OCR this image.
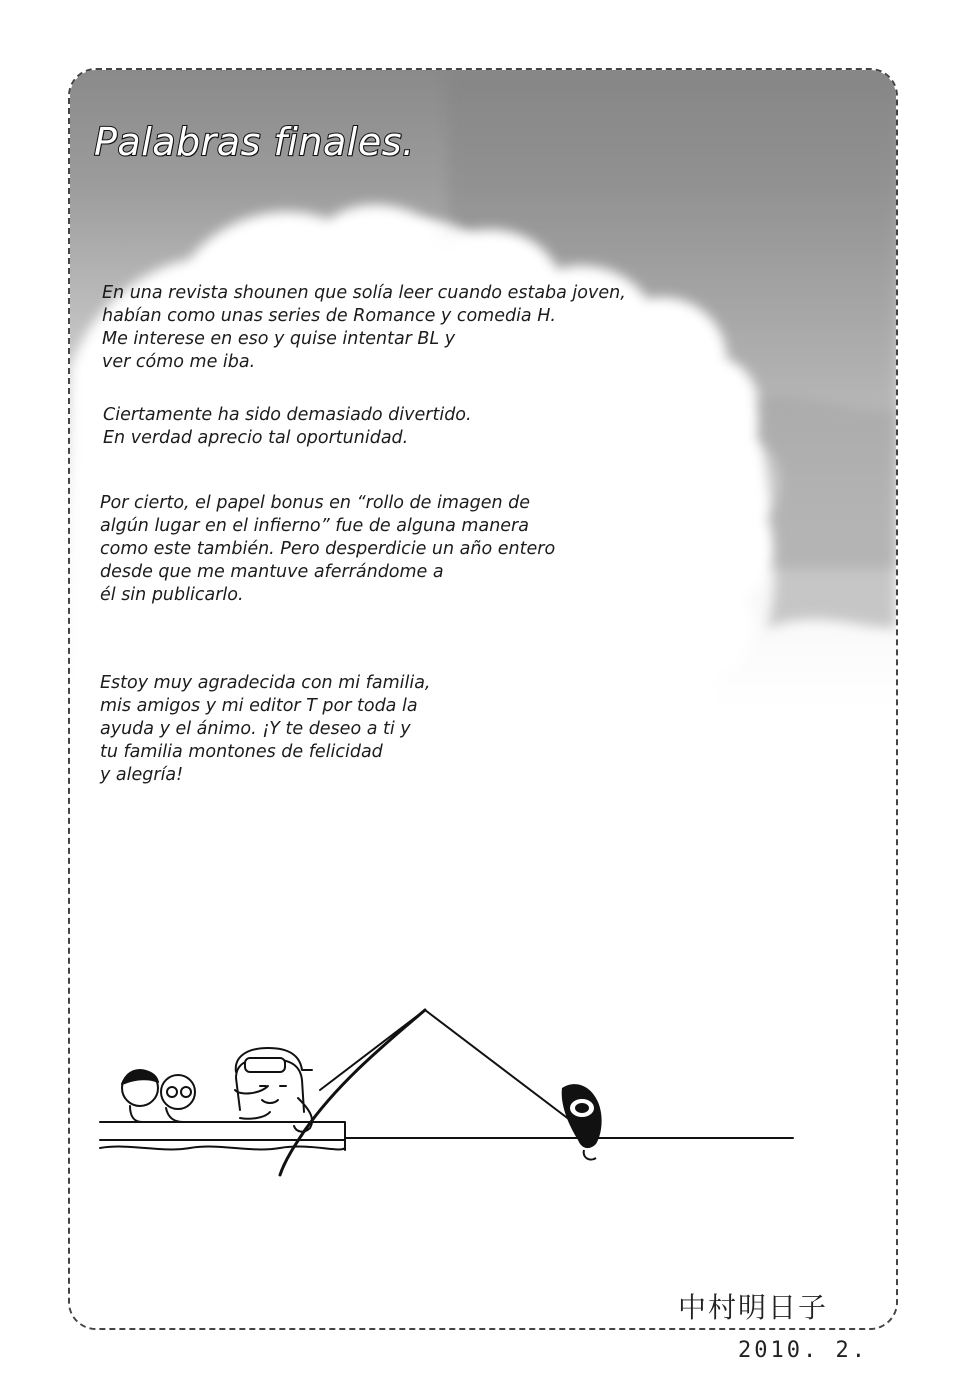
Palabras finales.
En una revista shounen que solía leer cuando estaba joven,
habían como unas series de Romance y comedia H.
Me interese en eso y quise intentar BL y
ver cómo me iba.
Ciertamente ha sido demasiado divertido.
En verdad aprecio tal oportunidad.
Por cierto, el papel bonus en “rollo de imagen de
algún lugar en el infierno” fue de alguna manera
como este también. Pero desperdicie un año entero
desde que me mantuve aferrándome a
él sin publicarlo.
Estoy muy agradecida con mi familia,
mis amigos y mi editor T por toda la
ayuda y el ánimo. ¡Y te deseo a ti y
tu familia montones de felicidad
y alegría!
中村明日子
2010. 2.
